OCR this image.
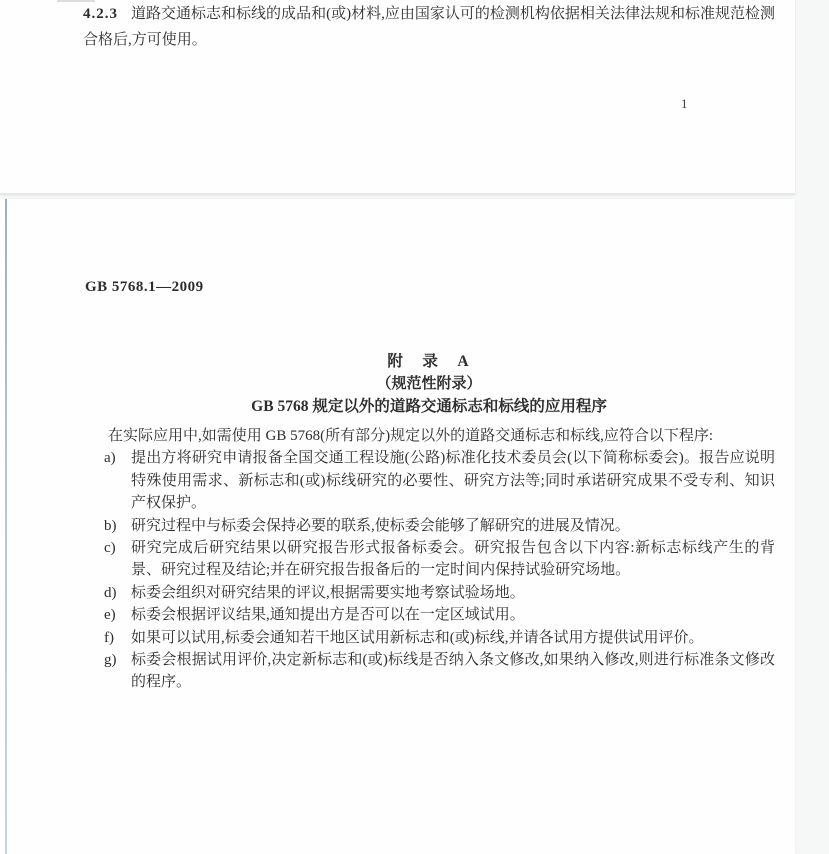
4.2.3 道路交通标志和标线的成品和(或)材料,应由国家认可的检测机构依据相关法律法规和标准规范检测合格后,方可使用。

1
GB 5768.1—2009
附　录　A
（规范性附录）
GB 5768 规定以外的道路交通标志和标线的应用程序

在实际应用中,如需使用 GB 5768(所有部分)规定以外的道路交通标志和标线,应符合以下程序:

a)	提出方将研究申请报备全国交通工程设施(公路)标准化技术委员会(以下简称标委会)。报告应说明特殊使用需求、新标志和(或)标线研究的必要性、研究方法等;同时承诺研究成果不受专利、知识产权保护。
b) 研究过程中与标委会保持必要的联系,使标委会能够了解研究的进展及情况。
c)	研究完成后研究结果以研究报告形式报备标委会。研究报告包含以下内容:新标志标线产生的背景、研究过程及结论;并在研究报告报备后的一定时间内保持试验研究场地。
d) 标委会组织对研究结果的评议,根据需要实地考察试验场地。
e)	标委会根据评议结果,通知提出方是否可以在一定区域试用。
f)	如果可以试用,标委会通知若干地区试用新标志和(或)标线,并请各试用方提供试用评价。
g) 标委会根据试用评价,决定新标志和(或)标线是否纳入条文修改,如果纳入修改,则进行标准条文修改的程序。
